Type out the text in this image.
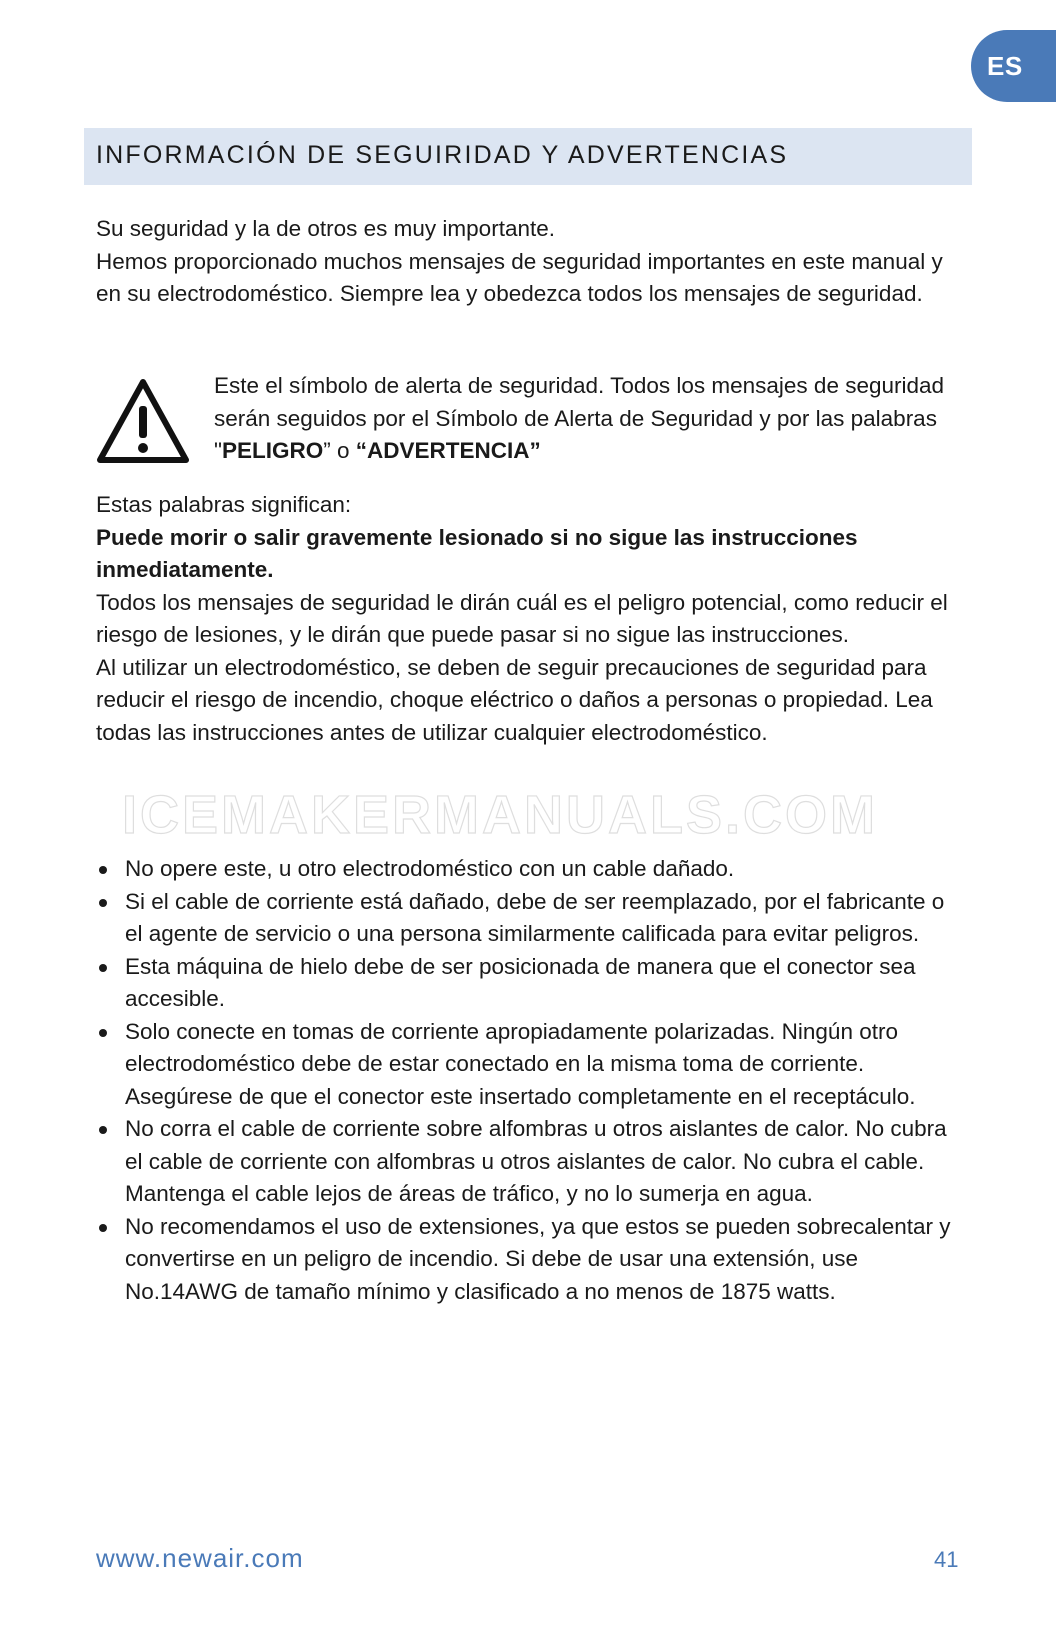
ES
INFORMACIÓN DE SEGUIRIDAD Y ADVERTENCIAS

Su seguridad y la de otros es muy importante.

Hemos proporcionado muchos mensajes de seguridad importantes en este manual y en su electrodoméstico. Siempre lea y obedezca todos los mensajes de seguridad.

Este el símbolo de alerta de seguridad. Todos los mensajes de seguridad serán seguidos por el Símbolo de Alerta de Seguridad y por las palabras "PELIGRO” o “ADVERTENCIA”

Estas palabras significan:

Puede morir o salir gravemente lesionado si no sigue las instrucciones inmediatamente.

Todos los mensajes de seguridad le dirán cuál es el peligro potencial, como reducir el riesgo de lesiones, y le dirán que puede pasar si no sigue las instrucciones.

Al utilizar un electrodoméstico, se deben de seguir precauciones de seguridad para reducir el riesgo de incendio, choque eléctrico o daños a personas o propiedad. Lea todas las instrucciones antes de utilizar cualquier electrodoméstico.

ICEMAKERMANUALS.COM
No opere este, u otro electrodoméstico con un cable dañado.
Si el cable de corriente está dañado, debe de ser reemplazado, por el fabricante o el agente de servicio o una persona similarmente calificada para evitar peligros.
Esta máquina de hielo debe de ser posicionada de manera que el conector sea accesible.
Solo conecte en tomas de corriente apropiadamente polarizadas. Ningún otro electrodoméstico debe de estar conectado en la misma toma de corriente. Asegúrese de que el conector este insertado completamente en el receptáculo.
No corra el cable de corriente sobre alfombras u otros aislantes de calor. No cubra el cable de corriente con alfombras u otros aislantes de calor. No cubra el cable. Mantenga el cable lejos de áreas de tráfico, y no lo sumerja en agua.
No recomendamos el uso de extensiones, ya que estos se pueden sobrecalentar y convertirse en un peligro de incendio. Si debe de usar una extensión, use No.14AWG de tamaño mínimo y clasificado a no menos de 1875 watts.
www.newair.com	41
